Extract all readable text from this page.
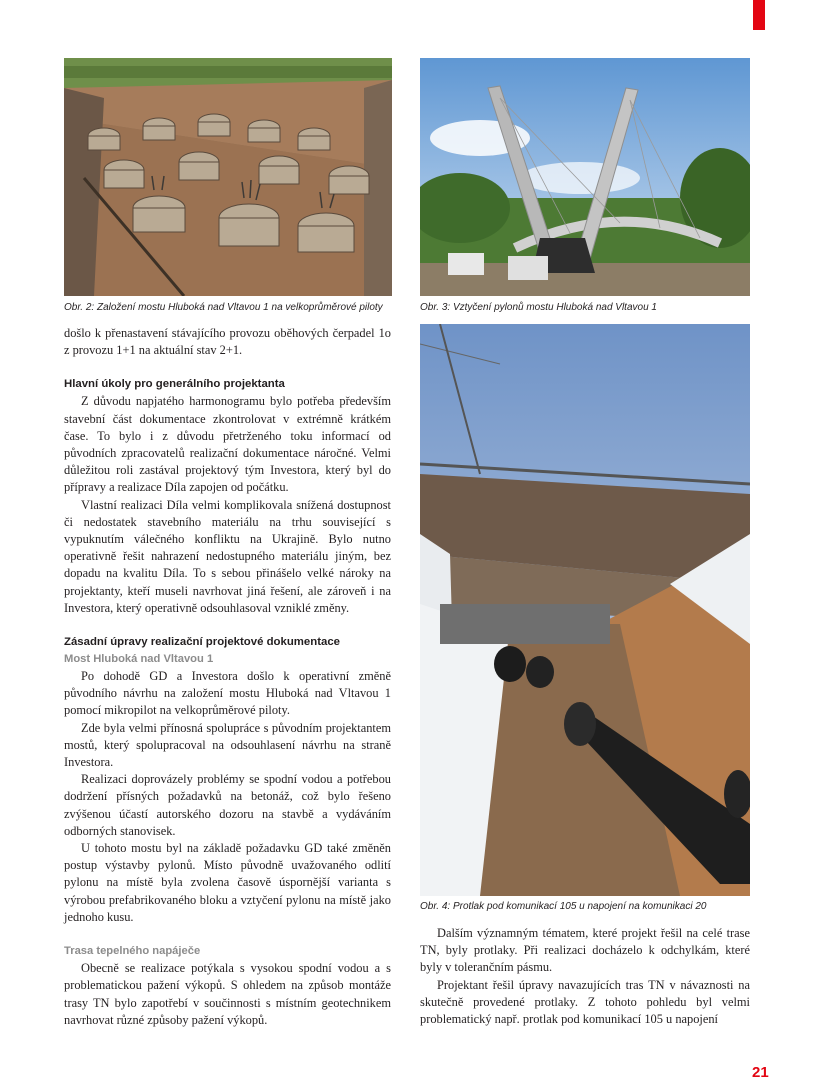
Obr. 2: Založení mostu Hluboká nad Vltavou 1 na velkoprůměrové piloty	Obr. 3: Vztyčení pylonů mostu Hluboká nad Vltavou 1
Obr. 4: Protlak pod komunikací 105 u napojení na komunikaci 20

došlo k přenastavení stávajícího provozu oběhových čerpadel 1o z provozu 1+1 na aktuální stav 2+1.

Hlavní úkoly pro generálního projektanta

Z důvodu napjatého harmonogramu bylo potřeba především stavební část dokumentace zkontrolovat v extrémně krátkém čase. To bylo i z důvodu přetrženého toku informací od původních zpracovatelů realizační dokumentace náročné. Velmi důležitou roli zastával projektový tým Investora, který byl do přípravy a realizace Díla zapojen od počátku.

Vlastní realizaci Díla velmi komplikovala snížená dostupnost či nedostatek stavebního materiálu na trhu související s vypuknutím válečného konfliktu na Ukrajině. Bylo nutno operativně řešit nahrazení nedostupného materiálu jiným, bez dopadu na kvalitu Díla. To s sebou přinášelo velké nároky na projektanty, kteří museli navrhovat jiná řešení, ale zároveň i na Investora, který operativně odsouhlasoval vzniklé změny.

Zásadní úpravy realizační projektové dokumentace
Most Hluboká nad Vltavou 1

Po dohodě GD a Investora došlo k operativní změně původního návrhu na založení mostu Hluboká nad Vltavou 1 pomocí mikropilot na velkoprůměrové piloty.

Zde byla velmi přínosná spolupráce s původním projektantem mostů, který spolupracoval na odsouhlasení návrhu na straně Investora.

Realizaci doprovázely problémy se spodní vodou a potřebou dodržení přísných požadavků na betonáž, což bylo řešeno zvýšenou účastí autorského dozoru na stavbě a vydáváním odborných stanovisek.

U tohoto mostu byl na základě požadavku GD také změněn postup výstavby pylonů. Místo původně uvažovaného odlití pylonu na místě byla zvolena časově úspornější varianta s výrobou prefabrikovaného bloku a vztyčení pylonu na místě jako jednoho kusu.

Trasa tepelného napáječe

Obecně se realizace potýkala s vysokou spodní vodou a s problematickou pažení výkopů. S ohledem na způsob montáže trasy TN bylo zapotřebí v součinnosti s místním geotechnikem navrhovat různé způsoby pažení výkopů.

Dalším významným tématem, které projekt řešil na celé trase TN, byly protlaky. Při realizaci docházelo k odchylkám, které byly v tolerančním pásmu.

Projektant řešil úpravy navazujících tras TN v návaznosti na skutečně provedené protlaky. Z tohoto pohledu byl velmi problematický např. protlak pod komunikací 105 u napojení

21
